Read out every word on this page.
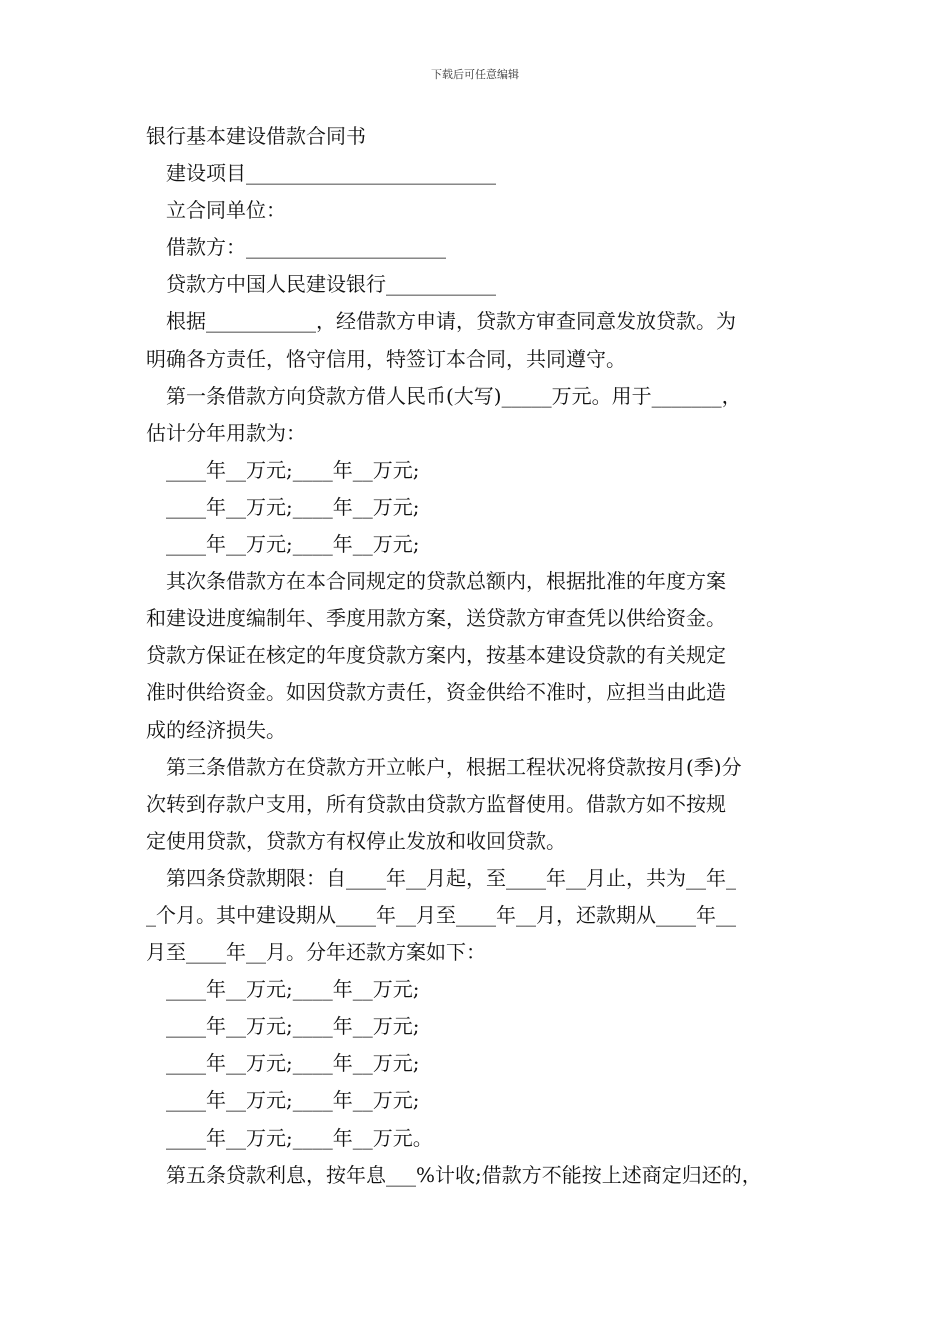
下载后可任意编辑
银行基本建设借款合同书
建设项目_________________________
立合同单位：
借款方：____________________
贷款方中国人民建设银行___________
根据___________，经借款方申请，贷款方审查同意发放贷款。为
明确各方责任，恪守信用，特签订本合同，共同遵守。
第一条借款方向贷款方借人民币(大写)_____万元。用于_______，
估计分年用款为：
____年__万元;____年__万元;
____年__万元;____年__万元;
____年__万元;____年__万元;
其次条借款方在本合同规定的贷款总额内，根据批准的年度方案
和建设进度编制年、季度用款方案，送贷款方审查凭以供给资金。
贷款方保证在核定的年度贷款方案内，按基本建设贷款的有关规定
准时供给资金。如因贷款方责任，资金供给不准时，应担当由此造
成的经济损失。
第三条借款方在贷款方开立帐户，根据工程状况将贷款按月(季)分
次转到存款户支用，所有贷款由贷款方监督使用。借款方如不按规
定使用贷款，贷款方有权停止发放和收回贷款。
第四条贷款期限：自____年__月起，至____年__月止，共为__年_
_个月。其中建设期从____年__月至____年__月，还款期从____年__
月至____年__月。分年还款方案如下：
____年__万元;____年__万元;
____年__万元;____年__万元;
____年__万元;____年__万元;
____年__万元;____年__万元;
____年__万元;____年__万元。
第五条贷款利息，按年息___%计收;借款方不能按上述商定归还的，
